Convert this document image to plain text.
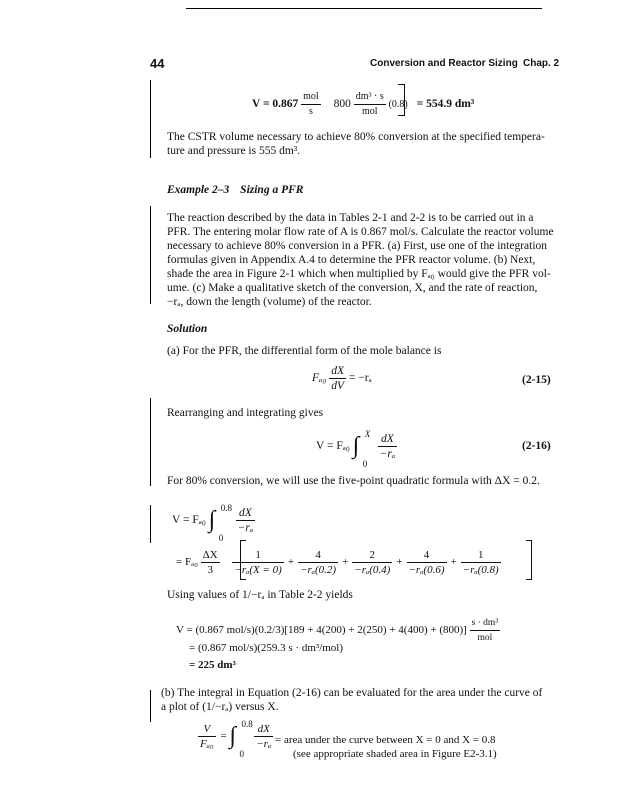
44	Conversion and Reactor Sizing Chap. 2
$V = 0.867 \frac{\text{mol}}{s} 800 \frac{\text{dm³ · s}}{\text{mol}} (0.8) = 554.9$ dm³
The CSTR volume necessary to achieve 80% conversion at the specified tempera-
ture and pressure is 555 dm³.
Example 2–3 Sizing a PFR
The reaction described by the data in Tables 2-1 and 2-2 is to be carried out in a
PFR. The entering molar flow rate of A is 0.867 mol/s. Calculate the reactor volume
necessary to achieve 80% conversion in a PFR. (a) First, use one of the integration
formulas given in Appendix A.4 to determine the PFR reactor volume. (b) Next,
shade the area in Figure 2-1 which when multiplied by Fₐ₀ would give the PFR vol-
ume. (c) Make a qualitative sketch of the conversion, X, and the rate of reaction,
−rₐ, down the length (volume) of the reactor.
Solution
(a) For the PFR, the differential form of the mole balance is
$F_{a0} \frac{dX}{dV} = -r_a$	(2-15)
Rearranging and integrating gives
V = Fₐ₀ ∫ X
0

$\frac{dX}{\text{−rₐ}}$	(2-16)
For 80% conversion, we will use the five-point quadratic formula with ΔX = 0.2.
V = Fₐ₀ ∫ 0.8
0

$\frac{dX}{\text{−rₐ}}$
= $F_{a0} \frac{\Delta X}{3}$
$\frac{1}{\text{−rₐ(X = 0)}} + \frac{4}{\text{−rₐ(0.2)}} + \frac{2}{\text{−rₐ(0.4)}} + \frac{4}{\text{−rₐ(0.6)}} + \frac{1}{\text{−rₐ(0.8)}}$
Using values of 1/−rₐ in Table 2-2 yields
V = (0.867 $mol/s)(0.2/3)[189 + 4(200) + 2(250) + 4(400) + (800)] \frac{\text{s · dm³}}{\text{mol}}$
= (0.867 mol/s)(259.3 s · dm³/mol)
= 225 dm³
(b) The integral in Equation (2-16) can be evaluated for the area under the curve of
a plot of (1/−rₐ) versus X.
$\frac{V}{\text{Fₐ₀}}$ = ∫ 0.8
0

$\frac{dX}{\text{−rₐ}}$ = area under the curve between X = 0 and X = 0.8
(see appropriate shaded area in Figure E2-3.1)
